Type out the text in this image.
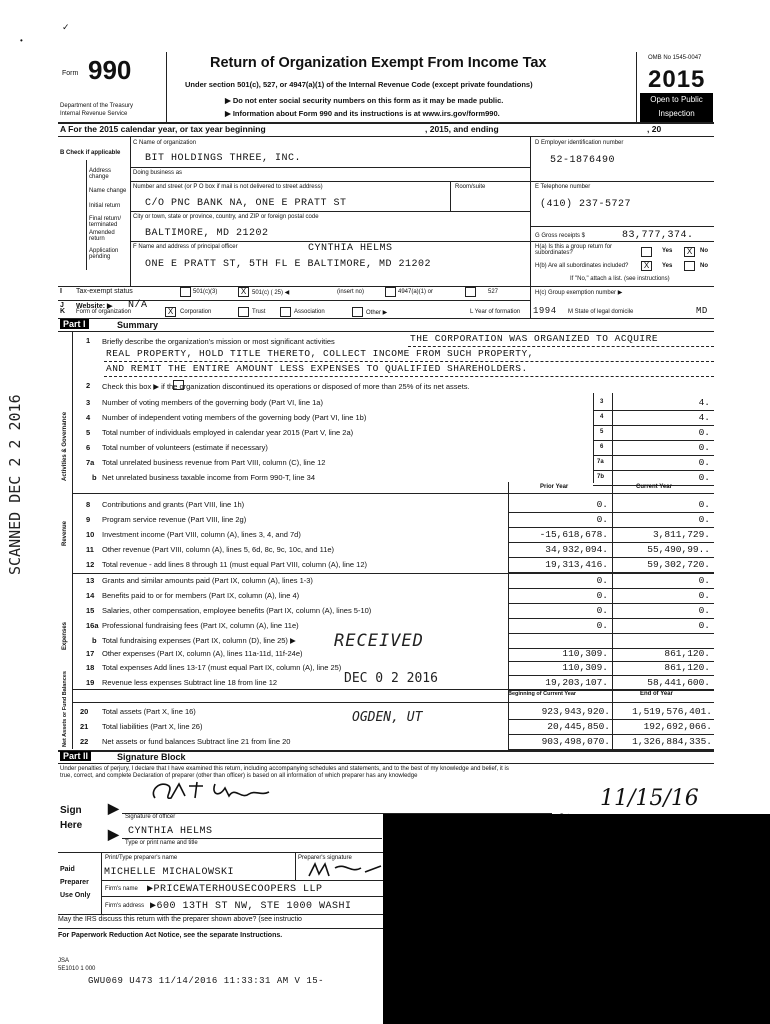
Form 990
Department of the Treasury
Internal Revenue Service
Return of Organization Exempt From Income Tax
Under section 501(c), 527, or 4947(a)(1) of the Internal Revenue Code (except private foundations)
▶ Do not enter social security numbers on this form as it may be made public.
▶ Information about Form 990 and its instructions is at www.irs.gov/form990.
OMB No 1545-0047
2015
Open to Public
Inspection
A For the 2015 calendar year, or tax year beginning	, 2015, and ending	, 20
B Check if applicable
Address change
Name change
Initial return
Final return/ terminated
Amended return
Application pending
C Name of organization
BIT HOLDINGS THREE, INC.
Doing business as
Number and street (or P O box if mail is not delivered to street address)	Room/suite
C/O PNC BANK NA, ONE E PRATT ST
City or town, state or province, country, and ZIP or foreign postal code
BALTIMORE, MD 21202
F Name and address of principal officer	CYNTHIA HELMS
ONE E PRATT ST, 5TH FL E BALTIMORE, MD 21202
D Employer identification number
52-1876490
E Telephone number
(410) 237-5727
G Gross receipts $	83,777,374.
H(a) Is this a group return for subordinates?	Yes	X	No
H(b) Are all subordinates included?	X	Yes	No
If "No," attach a list. (see instructions)
I Tax-exempt status	501(c)(3)	X 501(c) ( 25) ◀	(insert no)	4947(a)(1) or	527	H(c) Group exemption number ▶
J Website: ▶ N/A
K Form of organization	X	Corporation	Trust	Association	Other ▶	L Year of formation 1994 M State of legal domicile	MD
Part I	Summary
Activities & Governance
Revenue
Expenses
Net Assets or Fund Balances
1 Briefly describe the organization's mission or most significant activities	THE CORPORATION WAS ORGANIZED TO ACQUIRE
REAL PROPERTY, HOLD TITLE THERETO, COLLECT INCOME FROM SUCH PROPERTY,
AND REMIT THE ENTIRE AMOUNT LESS EXPENSES TO QUALIFIED SHAREHOLDERS.
2 Check this box ▶ if the organization discontinued its operations or disposed of more than 25% of its net assets.
3 Number of voting members of the governing body (Part VI, line 1a)	3	4.
4 Number of independent voting members of the governing body (Part VI, line 1b)	4	4.
5 Total number of individuals employed in calendar year 2015 (Part V, line 2a)	5	0.
6 Total number of volunteers (estimate if necessary)	6	0.
7a Total unrelated business revenue from Part VIII, column (C), line 12	7a	0.
b Net unrelated business taxable income from Form 990-T, line 34	7b	0.
Prior Year	Current Year
8 Contributions and grants (Part VIII, line 1h)	0.	0.
9 Program service revenue (Part VIII, line 2g)	0.	0.
10 Investment income (Part VIII, column (A), lines 3, 4, and 7d)	-15,618,678.	3,811,729.
11 Other revenue (Part VIII, column (A), lines 5, 6d, 8c, 9c, 10c, and 11e)	34,932,094.	55,490,99..
12 Total revenue - add lines 8 through 11 (must equal Part VIII, column (A), line 12)	19,313,416.	59,302,720.
13 Grants and similar amounts paid (Part IX, column (A), lines 1-3)	0.	0.
14 Benefits paid to or for members (Part IX, column (A), line 4)	0.	0.
15 Salaries, other compensation, employee benefits (Part IX, column (A), lines 5-10)	0.	0.
16a Professional fundraising fees (Part IX, column (A), line 11e)	0.	0.
b Total fundraising expenses (Part IX, column (D), line 25) ▶
17 Other expenses (Part IX, column (A), lines 11a-11d, 11f-24e)	110,309.	861,120.
18 Total expenses Add lines 13-17 (must equal Part IX, column (A), line 25)	110,309.	861,120.
19 Revenue less expenses Subtract line 18 from line 12	19,203,107.	58,441,600.
Beginning of Current Year	End of Year
20 Total assets (Part X, line 16)	923,943,920.	1,519,576,401.
21 Total liabilities (Part X, line 26)	20,445,850.	192,692,066.
22 Net assets or fund balances Subtract line 21 from line 20	903,498,070.	1,326,884,335.
Part II	Signature Block
Under penalties of perjury, I declare that I have examined this return, including accompanying schedules and statements, and to the best of my knowledge and belief, it is
true, correct, and complete Declaration of preparer (other than officer) is based on all information of which preparer has any knowledge
Sign
Here
▶
▶
Signature of officer
11/15/16
CYNTHIA HELMS
Type or print name and title
Print/Type preparer's name	Preparer's signature
Paid
Preparer
Use Only
MICHELLE MICHALOWSKI
Firm's name ▶PRICEWATERHOUSECOOPERS LLP
Firm's address ▶600 13TH ST NW, STE 1000 WASHI
May the IRS discuss this return with the preparer shown above? (see instructio
For Paperwork Reduction Act Notice, see the separate Instructions.
JSA
5E1010 1 000
GWU069 U473 11/14/2016 11:33:31 AM V 15-
SCANNED DEC 2 2 2016
RECEIVED
DEC 0 2 2016
OGDEN, UT
•
✓
